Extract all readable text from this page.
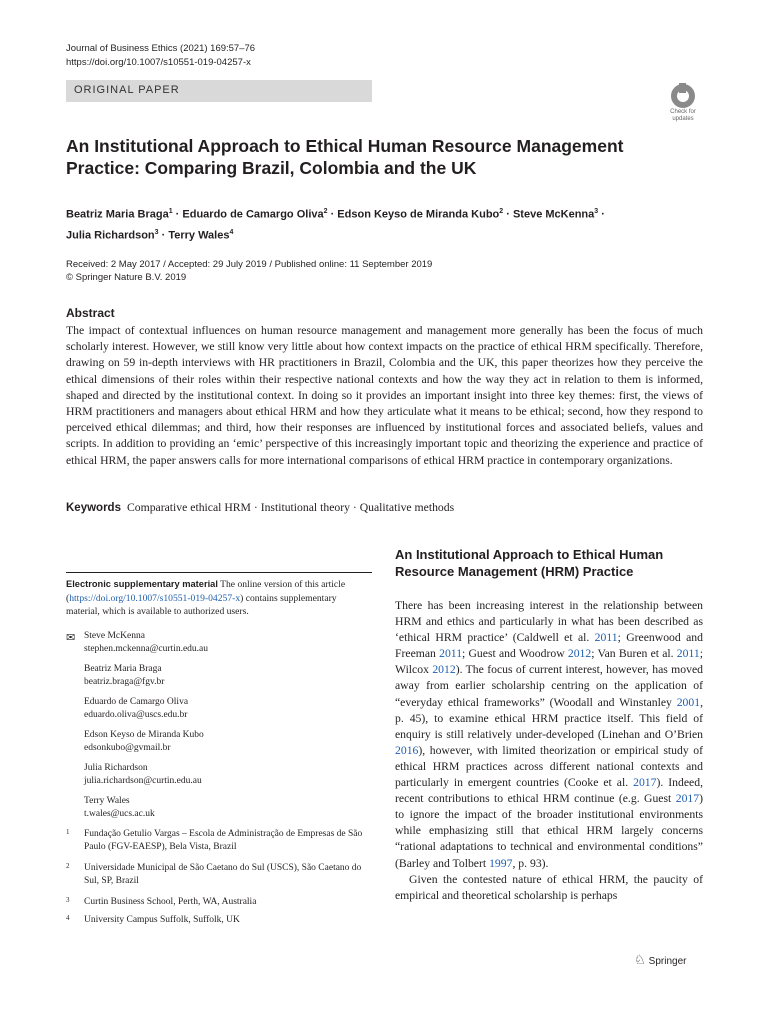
Journal of Business Ethics (2021) 169:57–76
https://doi.org/10.1007/s10551-019-04257-x
ORIGINAL PAPER
Check for
updates
An Institutional Approach to Ethical Human Resource Management Practice: Comparing Brazil, Colombia and the UK
Beatriz Maria Braga$^1$ · Eduardo de Camargo Oliva$^2$ · Edson Keyso de Miranda Kubo$^2$ · Steve McKenna$^3$ ·
Julia Richardson$^3$ · Terry Wales$^4$
Received: 2 May 2017 / Accepted: 29 July 2019 / Published online: 11 September 2019
© Springer Nature B.V. 2019
Abstract
The impact of contextual influences on human resource management and management more generally has been the focus of much scholarly interest. However, we still know very little about how context impacts on the practice of ethical HRM specifically. Therefore, drawing on 59 in-depth interviews with HR practitioners in Brazil, Colombia and the UK, this paper theorizes how they perceive the ethical dimensions of their roles within their respective national contexts and how the way they act in relation to them is informed, shaped and directed by the institutional context. In doing so it provides an important insight into three key themes: first, the views of HRM practitioners and managers about ethical HRM and how they articulate what it means to be ethical; second, how they respond to perceived ethical dilemmas; and third, how their responses are influenced by institutional forces and associated beliefs, values and scripts. In addition to providing an ‘emic’ perspective of this increasingly important topic and theorizing the experience and practice of ethical HRM, the paper answers calls for more international comparisons of ethical HRM practice in contemporary organizations.
Keywords Comparative ethical HRM · Institutional theory · Qualitative methods
Electronic supplementary material The online version of this article (https://doi.org/10.1007/s10551-019-04257-x) contains supplementary material, which is available to authorized users.
✉ Steve McKenna
stephen.mckenna@curtin.edu.au
Beatriz Maria Braga
beatriz.braga@fgv.br
Eduardo de Camargo Oliva
eduardo.oliva@uscs.edu.br
Edson Keyso de Miranda Kubo
edsonkubo@gvmail.br
Julia Richardson
julia.richardson@curtin.edu.au
Terry Wales
t.wales@ucs.ac.uk
1 Fundação Getulio Vargas – Escola de Administração de Empresas de São Paulo (FGV-EAESP), Bela Vista, Brazil
2 Universidade Municipal de São Caetano do Sul (USCS), São Caetano do Sul, SP, Brazil
3 Curtin Business School, Perth, WA, Australia
4 University Campus Suffolk, Suffolk, UK
An Institutional Approach to Ethical Human Resource Management (HRM) Practice

There has been increasing interest in the relationship between HRM and ethics and particularly in what has been described as ‘ethical HRM practice’ (Caldwell et al. 2011; Greenwood and Freeman 2011; Guest and Woodrow 2012; Van Buren et al. 2011; Wilcox 2012). The focus of current interest, however, has moved away from earlier scholarship centring on the application of “everyday ethical frameworks” (Woodall and Winstanley 2001, p. 45), to examine ethical HRM practice itself. This field of enquiry is still relatively under-developed (Linehan and O’Brien 2016), however, with limited theorization or empirical study of ethical HRM practices across different national contexts and particularly in emergent countries (Cooke et al. 2017). Indeed, recent contributions to ethical HRM continue (e.g. Guest 2017) to ignore the impact of the broader institutional environments while emphasizing still that ethical HRM largely concerns “rational adaptations to technical and environmental conditions” (Barley and Tolbert 1997, p. 93).

Given the contested nature of ethical HRM, the paucity of empirical and theoretical scholarship is perhaps

♘ Springer
